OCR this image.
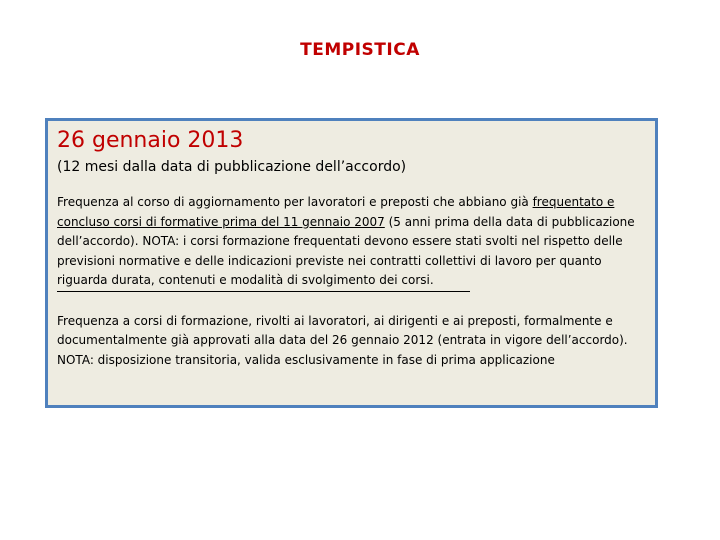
TEMPISTICA

26 gennaio 2013

(12 mesi dalla data di pubblicazione dell’accordo)

Frequenza al corso di aggiornamento per lavoratori e preposti che abbiano già frequentato e concluso corsi di formative prima del 11 gennaio 2007 (5 anni prima della data di pubblicazione dell’accordo). NOTA: i corsi formazione frequentati devono essere stati svolti nel rispetto delle previsioni normative e delle indicazioni previste nei contratti collettivi di lavoro per quanto riguarda durata, contenuti e modalità di svolgimento dei corsi.

Frequenza a corsi di formazione, rivolti ai lavoratori, ai dirigenti e ai preposti, formalmente e documentalmente già approvati alla data del 26 gennaio 2012 (entrata in vigore dell’accordo). NOTA: disposizione transitoria, valida esclusivamente in fase di prima applicazione
